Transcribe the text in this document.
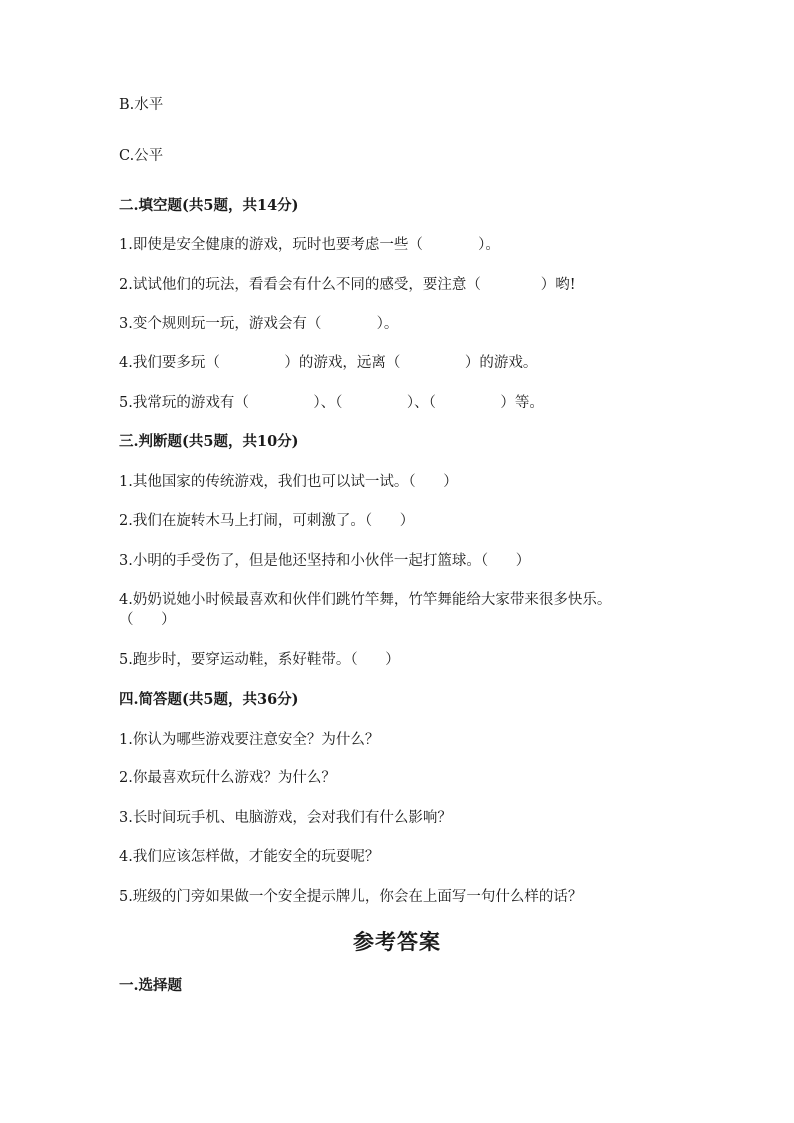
B.水平
C.公平
二.填空题(共5题，共14分)
1.即使是安全健康的游戏，玩时也要考虑一些（            ）。
2.试试他们的玩法，看看会有什么不同的感受，要注意（             ）哟!
3.变个规则玩一玩，游戏会有（            ）。
4.我们要多玩（              ）的游戏，远离（              ）的游戏。
5.我常玩的游戏有（              ）、（              ）、（              ）等。
三.判断题(共5题，共10分)
1.其他国家的传统游戏，我们也可以试一试。（      ）
2.我们在旋转木马上打闹，可刺激了。（      ）
3.小明的手受伤了，但是他还坚持和小伙伴一起打篮球。（      ）
4.奶奶说她小时候最喜欢和伙伴们跳竹竿舞，竹竿舞能给大家带来很多快乐。
（      ）
5.跑步时，要穿运动鞋，系好鞋带。（      ）
四.简答题(共5题，共36分)
1.你认为哪些游戏要注意安全？为什么？
2.你最喜欢玩什么游戏？为什么？
3.长时间玩手机、电脑游戏，会对我们有什么影响？
4.我们应该怎样做，才能安全的玩耍呢？
5.班级的门旁如果做一个安全提示牌儿，你会在上面写一句什么样的话？
参考答案
一.选择题
